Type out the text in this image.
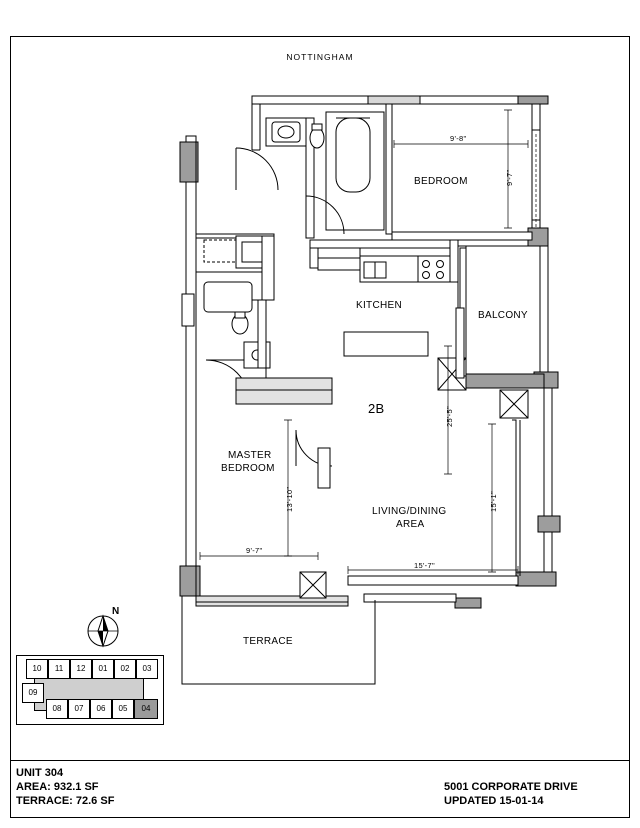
NOTTINGHAM
BEDROOM
KITCHEN
BALCONY
MASTER
BEDROOM
LIVING/DINING
AREA
TERRACE
2B
9'-8"
9'-7"
25'-5"
15'-1"
13'-10"
9'-7"
15'-7"
N
10	11	12	01	02	03
09
08	07	06	05	04
UNIT 304
AREA: 932.1 SF
TERRACE: 72.6 SF
5001 CORPORATE DRIVE
UPDATED 15-01-14
